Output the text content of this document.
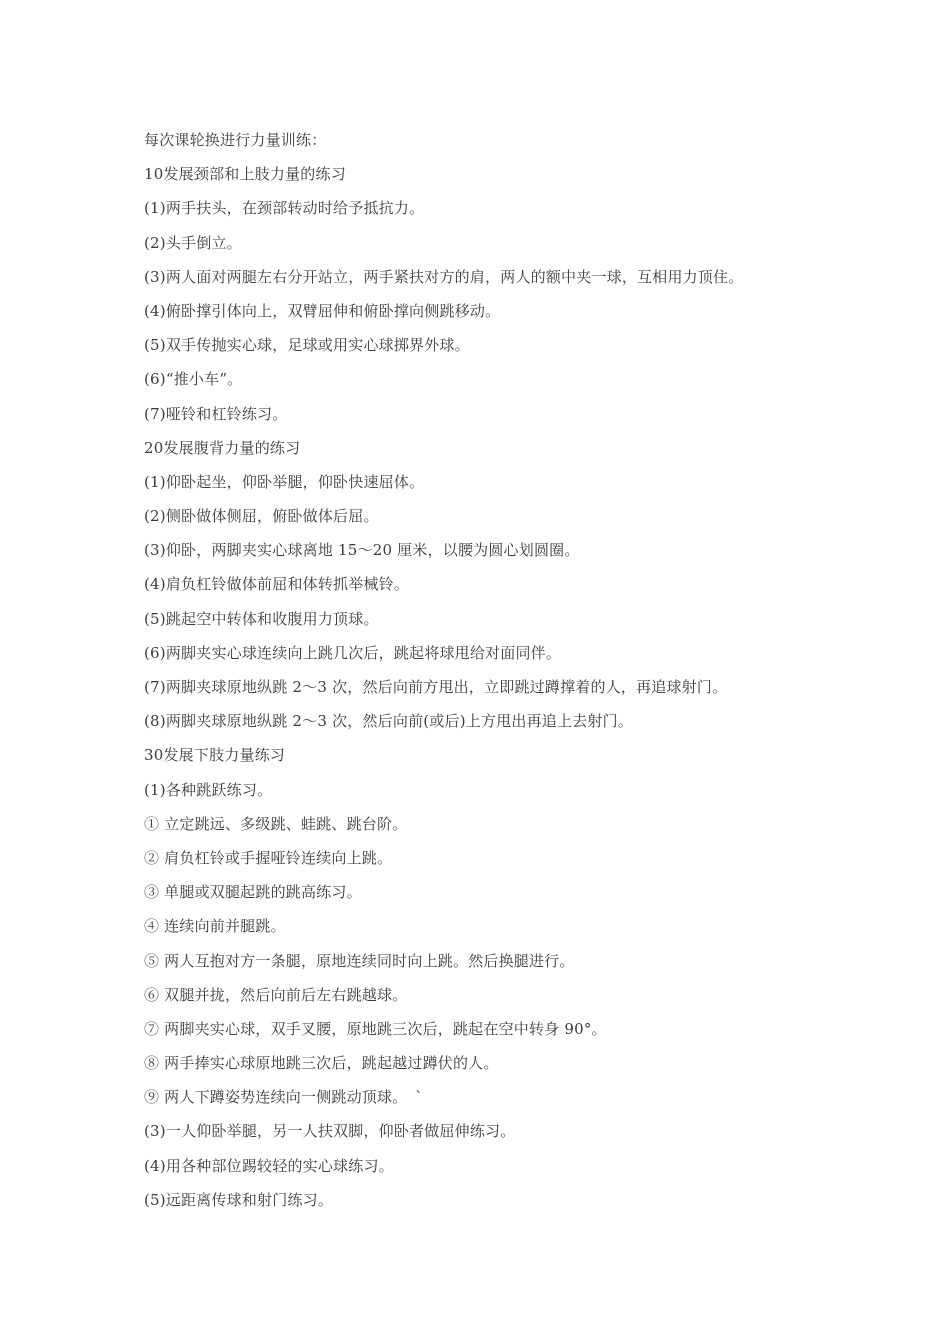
每次课轮换进行力量训练：
10发展颈部和上肢力量的练习
(1)两手扶头，在颈部转动时给予抵抗力。
(2)头手倒立。
(3)两人面对两腿左右分开站立，两手紧扶对方的肩，两人的额中夹一球，互相用力顶住。
(4)俯卧撑引体向上，双臂屈伸和俯卧撑向侧跳移动。
(5)双手传抛实心球，足球或用实心球掷界外球。
(6)“推小车”。
(7)哑铃和杠铃练习。
20发展腹背力量的练习
(1)仰卧起坐，仰卧举腿，仰卧快速屈体。
(2)侧卧做体侧屈，俯卧做体后屈。
(3)仰卧，两脚夹实心球离地 15～20 厘米，以腰为圆心划圆圈。
(4)肩负杠铃做体前屈和体转抓举械铃。
(5)跳起空中转体和收腹用力顶球。
(6)两脚夹实心球连续向上跳几次后，跳起将球甩给对面同伴。
(7)两脚夹球原地纵跳 2～3 次，然后向前方甩出，立即跳过蹲撑着的人，再追球射门。
(8)两脚夹球原地纵跳 2～3 次，然后向前(或后)上方甩出再追上去射门。
30发展下肢力量练习
(1)各种跳跃练习。
① 立定跳远、多级跳、蛙跳、跳台阶。
② 肩负杠铃或手握哑铃连续向上跳。
③ 单腿或双腿起跳的跳高练习。
④ 连续向前并腿跳。
⑤ 两人互抱对方一条腿，原地连续同时向上跳。然后换腿进行。
⑥ 双腿并拢，然后向前后左右跳越球。
⑦ 两脚夹实心球，双手叉腰，原地跳三次后，跳起在空中转身 90°。
⑧ 两手捧实心球原地跳三次后，跳起越过蹲伏的人。
⑨ 两人下蹲姿势连续向一侧跳动顶球。　`
(3)一人仰卧举腿，另一人扶双脚，仰卧者做屈伸练习。
(4)用各种部位踢较轻的实心球练习。
(5)远距离传球和射门练习。
